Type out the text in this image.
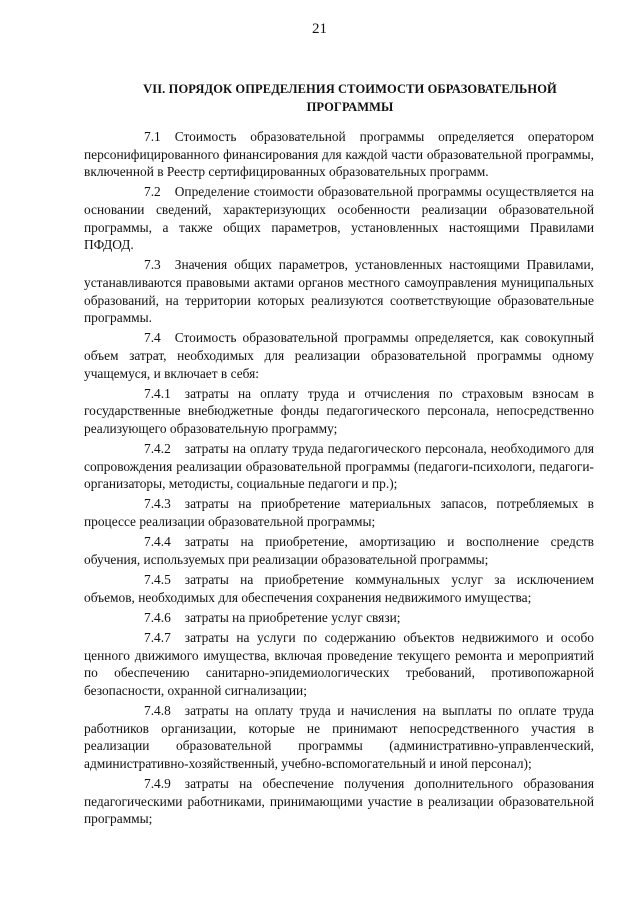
21
VII. ПОРЯДОК ОПРЕДЕЛЕНИЯ СТОИМОСТИ ОБРАЗОВАТЕЛЬНОЙ ПРОГРАММЫ

7.1 Стоимость образовательной программы определяется оператором персонифицированного финансирования для каждой части образовательной программы, включенной в Реестр сертифицированных образовательных программ.

7.2 Определение стоимости образовательной программы осуществляется на основании сведений, характеризующих особенности реализации образовательной программы, а также общих параметров, установленных настоящими Правилами ПФДОД.

7.3 Значения общих параметров, установленных настоящими Правилами, устанавливаются правовыми актами органов местного самоуправления муниципальных образований, на территории которых реализуются соответствующие образовательные программы.

7.4 Стоимость образовательной программы определяется, как совокупный объем затрат, необходимых для реализации образовательной программы одному учащемуся, и включает в себя:

7.4.1 затраты на оплату труда и отчисления по страховым взносам в государственные внебюджетные фонды педагогического персонала, непосредственно реализующего образовательную программу;

7.4.2 затраты на оплату труда педагогического персонала, необходимого для сопровождения реализации образовательной программы (педагоги-психологи, педагоги-организаторы, методисты, социальные педагоги и пр.);

7.4.3 затраты на приобретение материальных запасов, потребляемых в процессе реализации образовательной программы;

7.4.4 затраты на приобретение, амортизацию и восполнение средств обучения, используемых при реализации образовательной программы;

7.4.5 затраты на приобретение коммунальных услуг за исключением объемов, необходимых для обеспечения сохранения недвижимого имущества;

7.4.6 затраты на приобретение услуг связи;

7.4.7 затраты на услуги по содержанию объектов недвижимого и особо ценного движимого имущества, включая проведение текущего ремонта и мероприятий по обеспечению санитарно-эпидемиологических требований, противопожарной безопасности, охранной сигнализации;

7.4.8 затраты на оплату труда и начисления на выплаты по оплате труда работников организации, которые не принимают непосредственного участия в реализации образовательной программы (административно-управленческий, административно-хозяйственный, учебно-вспомогательный и иной персонал);

7.4.9 затраты на обеспечение получения дополнительного образования педагогическими работниками, принимающими участие в реализации образовательной программы;
